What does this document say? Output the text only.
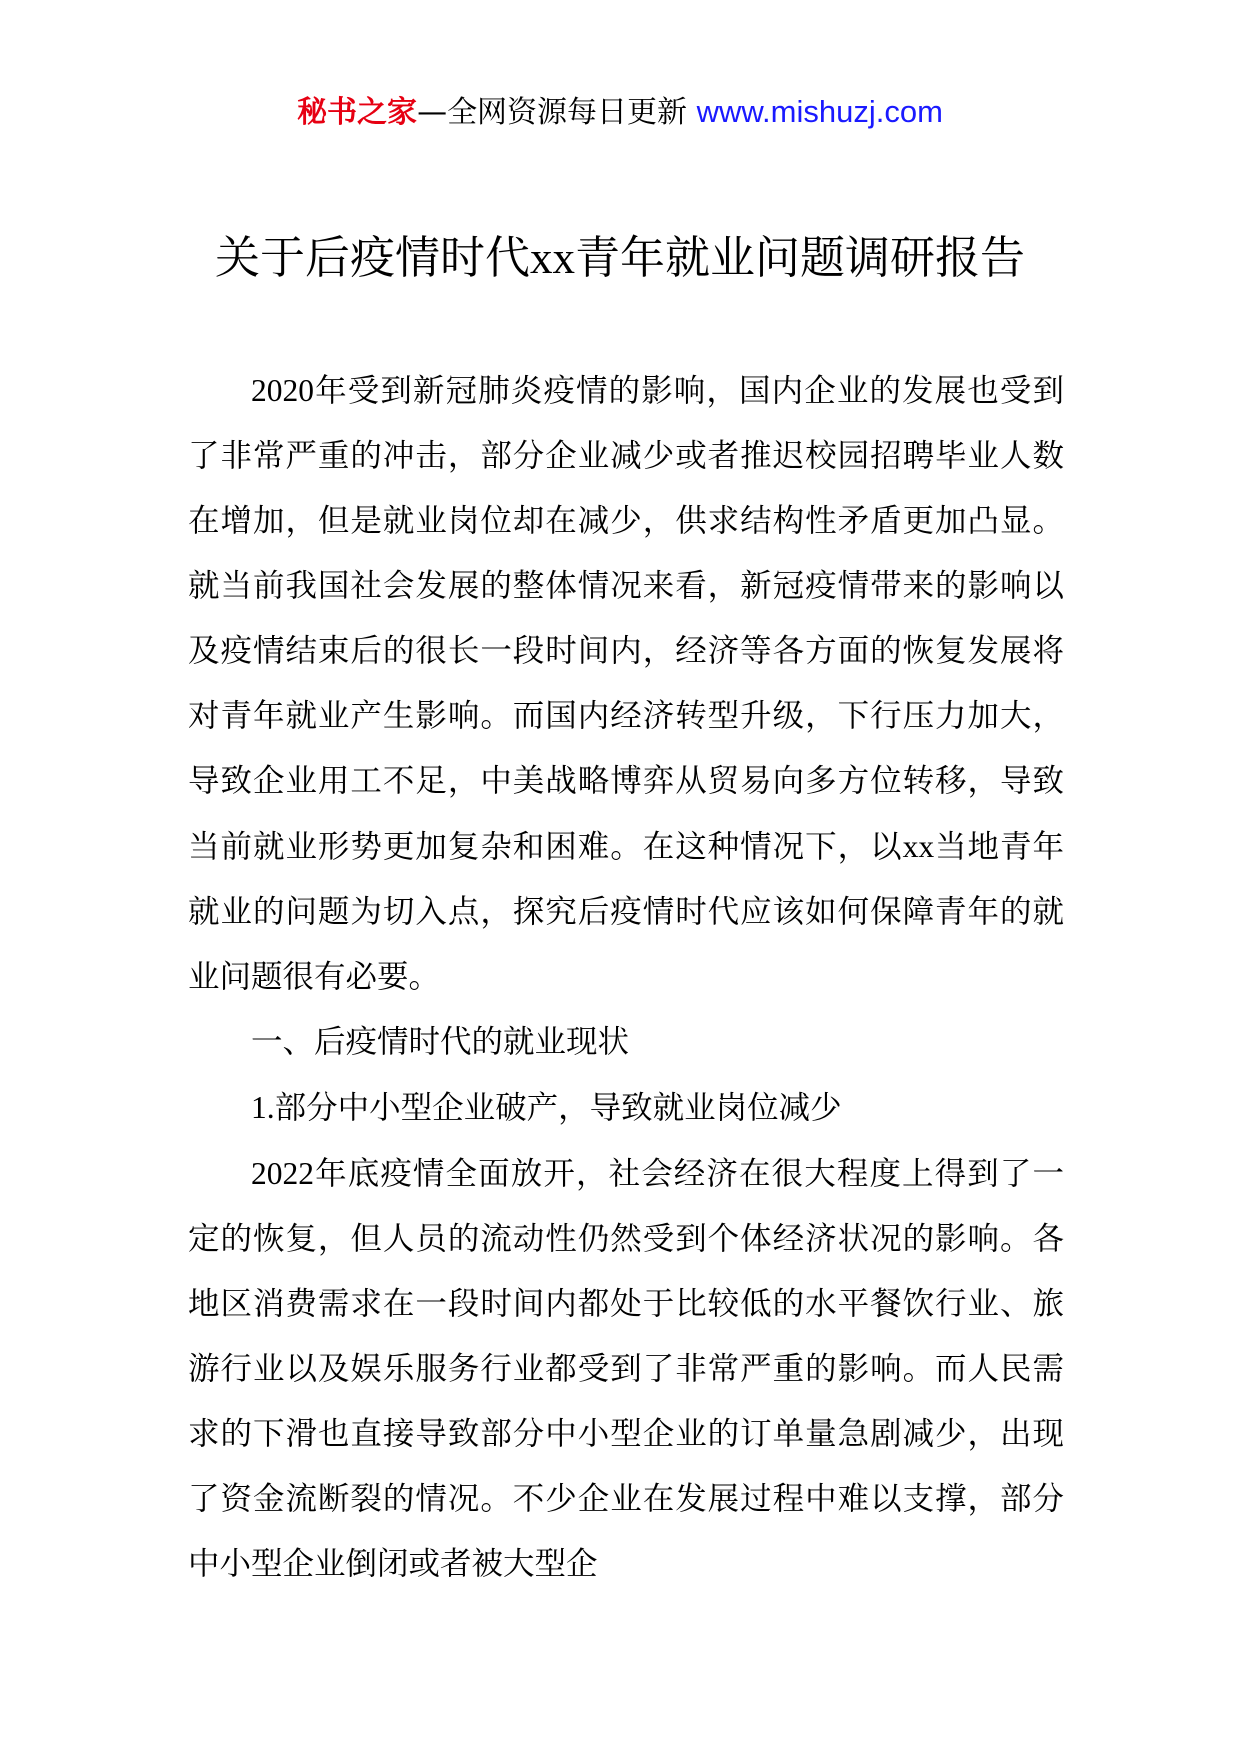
秘书之家—全网资源每日更新 www.mishuzj.com
关于后疫情时代xx青年就业问题调研报告

2020年受到新冠肺炎疫情的影响，国内企业的发展也受到了非常严重的冲击，部分企业减少或者推迟校园招聘毕业人数在增加，但是就业岗位却在减少，供求结构性矛盾更加凸显。就当前我国社会发展的整体情况来看，新冠疫情带来的影响以及疫情结束后的很长一段时间内，经济等各方面的恢复发展将对青年就业产生影响。而国内经济转型升级，下行压力加大，导致企业用工不足，中美战略博弈从贸易向多方位转移，导致当前就业形势更加复杂和困难。在这种情况下，以xx当地青年就业的问题为切入点，探究后疫情时代应该如何保障青年的就业问题很有必要。

一、后疫情时代的就业现状

1.部分中小型企业破产，导致就业岗位减少

2022年底疫情全面放开，社会经济在很大程度上得到了一定的恢复，但人员的流动性仍然受到个体经济状况的影响。各地区消费需求在一段时间内都处于比较低的水平餐饮行业、旅游行业以及娱乐服务行业都受到了非常严重的影响。而人民需求的下滑也直接导致部分中小型企业的订单量急剧减少，出现了资金流断裂的情况。不少企业在发展过程中难以支撑，部分中小型企业倒闭或者被大型企
